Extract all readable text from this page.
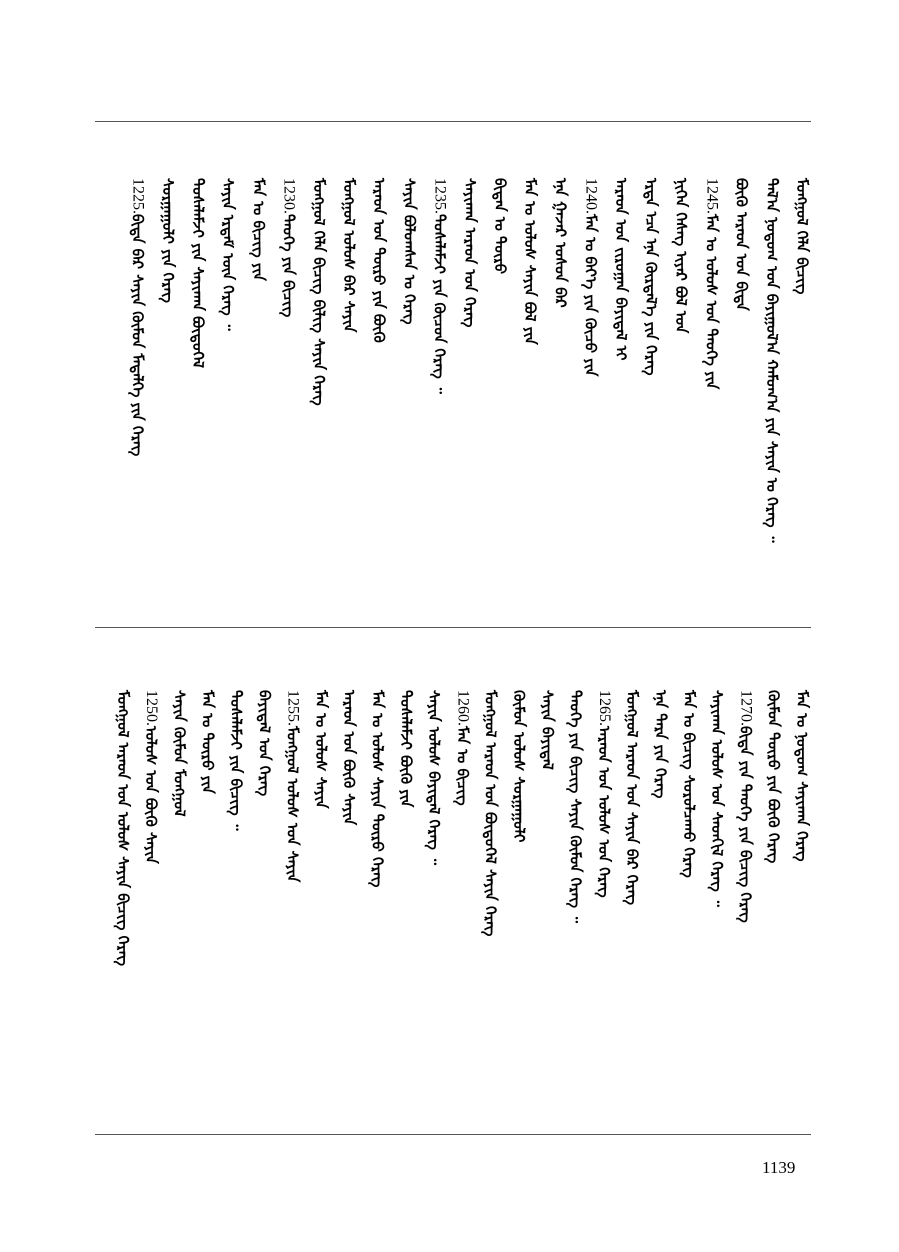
ᠮᠣᠩᠭᠣᠯ ᠬᠡᠯᠡ ᠪᠢᠴᠢᠭ
ᠲᠠᠯ᠎ᠠ ᠨᠤᠲᠤᠭ ᠤᠨ ᠪᠠᠶᠢᠭᠤᠯ᠎ᠠ ᠬᠠᠮᠤᠭ᠎ᠠ ᠶᠢᠨ ᠰᠠᠶᠢᠨ ᠤ ᠬᠡᠷᠡᠭ ᠃
ᠪᠦᠬᠦ ᠠᠷᠠᠳ ᠤᠨ ᠪᠢᠳᠡ
1245.ᠮᠠᠨ ᠤ ᠤᠯᠤᠰ ᠤᠨ ᠲᠡᠦᠬᠡ ᠶᠢᠨ
ᠨᠢᠭᠡᠨ ᠬᠡᠰᠡᠭ ᠢᠶᠡᠷ ᠪᠣᠯ ᠤᠨ
ᠡᠷᠲᠡ ᠡᠴᠡ ᠡᠨᠡ ᠬᠦᠷᠲᠡᠯ᠎ᠡ ᠶᠢᠨ ᠬᠡᠷᠡᠭ
ᠠᠷᠠᠳ ᠤᠨ ᠵᠢᠷᠤᠭᠠᠨ ᠪᠠᠶᠢᠳᠠᠯ ᠢ
1240.ᠮᠠᠨ ᠤ ᠪᠡᠶ᠎ᠡ ᠶᠢᠨ ᠬᠦᠴᠦ ᠶᠢᠨ
ᠡᠨᠡ ᠭᠠᠵᠠᠷ ᠤᠰᠤᠨ ᠪᠠᠷ
ᠮᠠᠨ ᠤ ᠤᠯᠤᠰ ᠰᠠᠶᠢᠨ ᠪᠣᠯ ᠶᠢᠨ
ᠪᠢᠳᠡᠨ ᠤ ᠲᠦᠷᠦ
ᠰᠠᠶᠢᠬᠠᠨ ᠠᠷᠠᠳ ᠤᠨ ᠬᠡᠷᠡᠭ
1235.ᠲᠤᠰᠠᠯᠠᠮᠵᠢ ᠶᠢᠨ ᠬᠦᠴᠦᠨ ᠬᠡᠷᠡᠭ ᠃
ᠰᠠᠶᠢᠨ ᠪᠣᠯᠤᠭᠰᠠᠨ ᠤ ᠬᠡᠷᠡᠭ
ᠠᠷᠠᠳ ᠤᠨ ᠲᠦᠷᠦ ᠶᠢᠨ ᠪᠦᠬᠦ
ᠮᠣᠩᠭᠣᠯ ᠤᠯᠤᠰ ᠪᠠᠷ ᠰᠠᠶᠢᠨ
ᠮᠣᠩᠭᠣᠯ ᠬᠡᠯᠡ ᠪᠢᠴᠢᠭ ᠪᠢᠯᠢᠭ ᠰᠠᠶᠢᠨ ᠬᠡᠷᠡᠭ
1230.ᠲᠡᠦᠬᠡ ᠶᠢᠨ ᠪᠢᠴᠢᠭ
ᠮᠠᠨ ᠤ ᠪᠢᠴᠢᠭ ᠶᠢᠨ
ᠰᠠᠶᠢᠨ ᠡᠷᠳᠡᠮ ᠦᠨ ᠬᠡᠷᠡᠭ ᠃
ᠲᠤᠰᠠᠯᠠᠮᠵᠢ ᠶᠢᠨ ᠰᠠᠶᠢᠬᠠᠨ ᠪᠦᠲᠦᠭᠡᠯ
ᠰᠤᠷᠭᠠᠭᠤᠯᠢ ᠶᠢᠨ ᠬᠡᠷᠡᠭ
1225.ᠪᠢᠳᠡ ᠪᠠᠷ ᠰᠠᠶᠢᠨ ᠬᠦᠮᠦᠨ ᠮᠡᠳᠡᠯᠭᠡ ᠶᠢᠨ ᠬᠡᠷᠡᠭ
ᠮᠠᠨ ᠤ ᠨᠤᠲᠤᠭ ᠰᠠᠶᠢᠬᠠᠨ ᠬᠡᠷᠡᠭ
ᠬᠦᠮᠦᠨ ᠲᠦᠷᠦ ᠶᠢᠨ ᠪᠦᠬᠦ ᠬᠡᠷᠡᠭ
1270.ᠪᠢᠳᠡ ᠶᠢᠨ ᠲᠡᠦᠬᠡ ᠶᠢᠨ ᠪᠢᠴᠢᠭ ᠬᠡᠷᠡᠭ
ᠰᠠᠶᠢᠬᠠᠨ ᠤᠯᠤᠰ ᠤᠨ ᠰᠡᠳᠬᠢᠯ ᠬᠡᠷᠡᠭ ᠃
ᠮᠠᠨ ᠤ ᠪᠢᠴᠢᠭ ᠰᠤᠷᠤᠯᠴᠠᠬᠤ ᠬᠡᠷᠡᠭ
ᠡᠨᠡ ᠲᠡᠷᠡ ᠶᠢᠨ ᠬᠡᠷᠡᠭ
ᠮᠣᠩᠭᠣᠯ ᠠᠷᠠᠳ ᠤᠨ ᠰᠠᠶᠢᠨ ᠪᠠᠷ ᠬᠡᠷᠡᠭ
1265.ᠠᠷᠠᠳ ᠤᠨ ᠤᠯᠤᠰ ᠤᠨ ᠬᠡᠷᠡᠭ
ᠲᠡᠦᠬᠡ ᠶᠢᠨ ᠪᠢᠴᠢᠭ ᠰᠠᠶᠢᠨ ᠬᠦᠮᠦᠨ ᠬᠡᠷᠡᠭ ᠃
ᠰᠠᠶᠢᠨ ᠪᠠᠶᠢᠳᠠᠯ
ᠬᠦᠮᠦᠨ ᠤᠯᠤᠰ ᠰᠤᠷᠭᠠᠭᠤᠯᠢ
ᠮᠣᠩᠭᠣᠯ ᠠᠷᠠᠳ ᠤᠨ ᠪᠦᠲᠦᠭᠡᠯ ᠰᠠᠶᠢᠨ ᠬᠡᠷᠡᠭ
1260.ᠮᠠᠨ ᠤ ᠪᠢᠴᠢᠭ
ᠰᠠᠶᠢᠨ ᠤᠯᠤᠰ ᠪᠠᠶᠢᠳᠠᠯ ᠬᠡᠷᠡᠭ ᠃
ᠲᠤᠰᠠᠯᠠᠮᠵᠢ ᠪᠦᠬᠦ ᠶᠢᠨ
ᠮᠠᠨ ᠤ ᠤᠯᠤᠰ ᠰᠠᠶᠢᠨ ᠲᠦᠷᠦ ᠬᠡᠷᠡᠭ
ᠠᠷᠠᠳ ᠤᠨ ᠪᠦᠬᠦ ᠰᠠᠶᠢᠨ
ᠮᠠᠨ ᠤ ᠤᠯᠤᠰ ᠰᠠᠶᠢᠨ
1255.ᠮᠣᠩᠭᠣᠯ ᠤᠯᠤᠰ ᠤᠨ ᠰᠠᠶᠢᠨ
ᠪᠠᠶᠢᠳᠠᠯ ᠤᠨ ᠬᠡᠷᠡᠭ
ᠲᠤᠰᠠᠯᠠᠮᠵᠢ ᠶᠢᠨ ᠪᠢᠴᠢᠭ ᠃
ᠮᠠᠨ ᠤ ᠲᠦᠷᠦ ᠶᠢᠨ
ᠰᠠᠶᠢᠨ ᠬᠦᠮᠦᠨ ᠮᠣᠩᠭᠣᠯ
1250.ᠤᠯᠤᠰ ᠤᠨ ᠪᠦᠬᠦ ᠰᠠᠶᠢᠨ
ᠮᠣᠩᠭᠣᠯ ᠠᠷᠠᠳ ᠤᠨ ᠤᠯᠤᠰ ᠰᠠᠶᠢᠨ ᠪᠢᠴᠢᠭ ᠬᠡᠷᠡᠭ
1139
